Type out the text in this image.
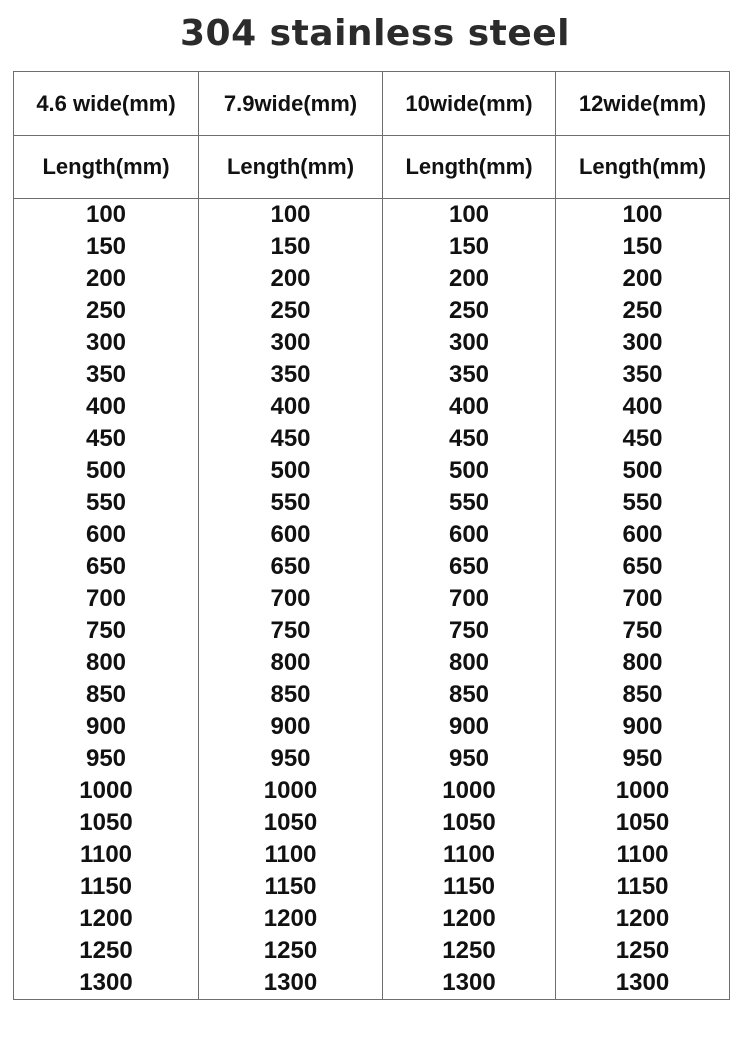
304 stainless steel
4.6 wide(mm)	7.9wide(mm)	10wide(mm)	12wide(mm)
Length(mm)	Length(mm)	Length(mm)	Length(mm)
100	100	100	100
150	150	150	150
200	200	200	200
250	250	250	250
300	300	300	300
350	350	350	350
400	400	400	400
450	450	450	450
500	500	500	500
550	550	550	550
600	600	600	600
650	650	650	650
700	700	700	700
750	750	750	750
800	800	800	800
850	850	850	850
900	900	900	900
950	950	950	950
1000	1000	1000	1000
1050	1050	1050	1050
1100	1100	1100	1100
1150	1150	1150	1150
1200	1200	1200	1200
1250	1250	1250	1250
1300	1300	1300	1300
